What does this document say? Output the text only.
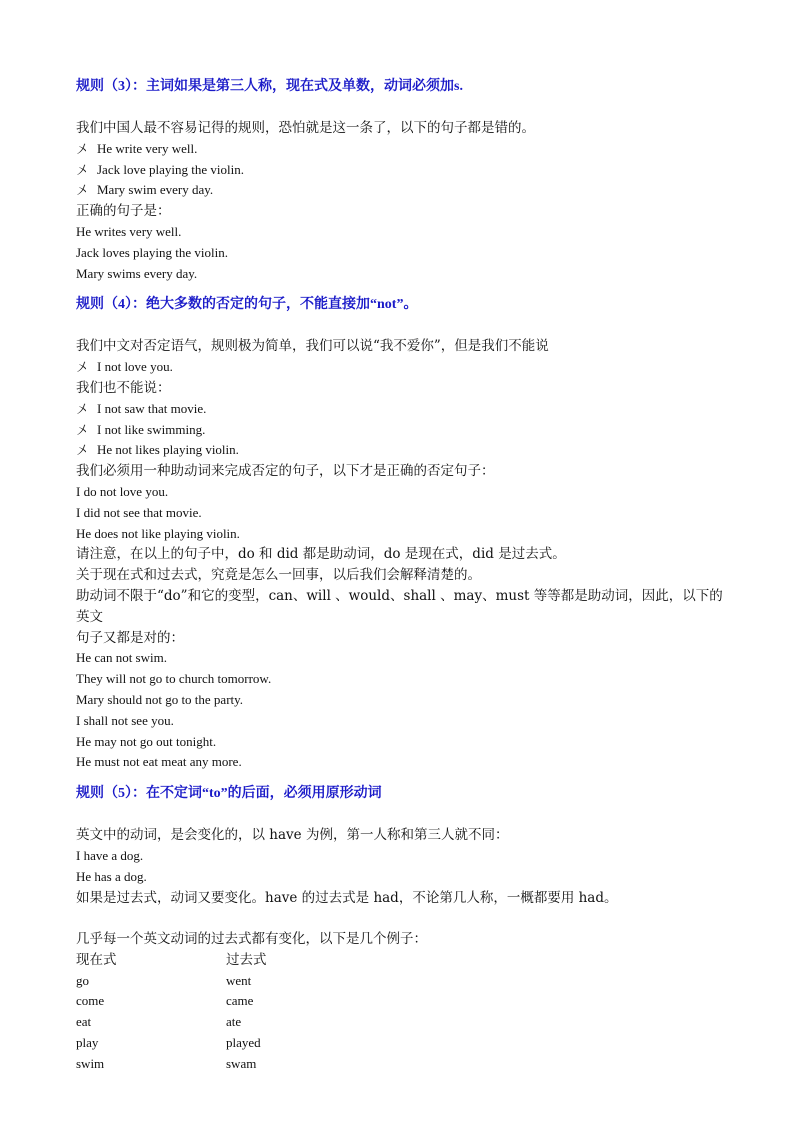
规则（3）：主词如果是第三人称，现在式及单数，动词必须加s.

我们中国人最不容易记得的规则，恐怕就是这一条了，以下的句子都是错的。

〤 He write very well.

〤 Jack love playing the violin.

〤 Mary swim every day.

正确的句子是：

He writes very well.

Jack loves playing the violin.

Mary swims every day.

规则（4）：绝大多数的否定的句子，不能直接加“not”。

我们中文对否定语气，规则极为简单，我们可以说“我不爱你”，但是我们不能说

〤 I not love you.

我们也不能说：

〤 I not saw that movie.

〤 I not like swimming.

〤 He not likes playing violin.

我们必须用一种助动词来完成否定的句子，以下才是正确的否定句子：

I do not love you.

I did not see that movie.

He does not like playing violin.

请注意，在以上的句子中，do 和 did 都是助动词，do 是现在式，did 是过去式。

关于现在式和过去式，究竟是怎么一回事，以后我们会解释清楚的。

助动词不限于“do”和它的变型，can、will 、would、shall 、may、must 等等都是助动词，因此，以下的英文

句子又都是对的：

He can not swim.

They will not go to church tomorrow.

Mary should not go to the party.

I shall not see you.

He may not go out tonight.

He must not eat meat any more.

规则（5）：在不定词“to”的后面，必须用原形动词

英文中的动词，是会变化的，以 have 为例，第一人称和第三人就不同：

I have a dog.

He has a dog.

如果是过去式，动词又要变化。have 的过去式是 had，不论第几人称，一概都要用 had。

几乎每一个英文动词的过去式都有变化，以下是几个例子：

现在式	过去式
go	went
come	came
eat	ate
play	played
swim	swam
